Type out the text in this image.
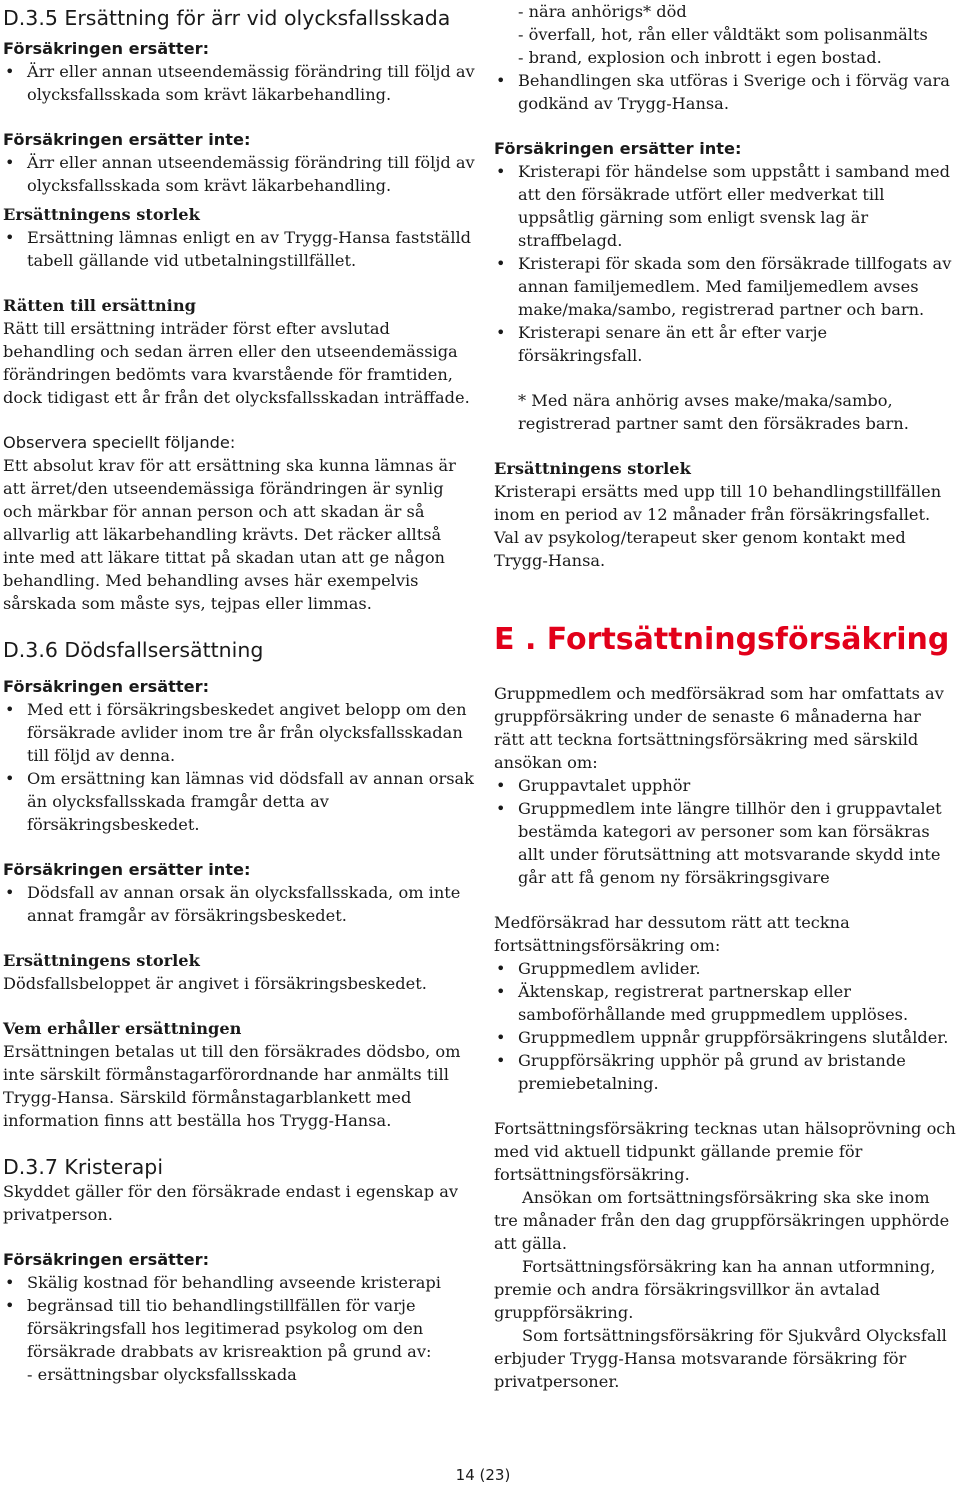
D.3.5 Ersättning för ärr vid olycksfallsskada

Försäkringen ersätter:

• Ärr eller annan utseendemässig förändring till följd av olycksfallsskada som krävt läkarbehandling.

Försäkringen ersätter inte:

• Ärr eller annan utseendemässig förändring till följd av olycksfallsskada som krävt läkarbehandling.

Ersättningens storlek

• Ersättning lämnas enligt en av Trygg-Hansa fastställd tabell gällande vid utbetalningstillfället.

Rätten till ersättning

Rätt till ersättning inträder först efter avslutad behandling och sedan ärren eller den utseendemässiga förändringen bedömts vara kvarstående för framtiden, dock tidigast ett år från det olycksfallsskadan inträffade.

Observera speciellt följande:

Ett absolut krav för att ersättning ska kunna lämnas är att ärret/den utseendemässiga förändringen är synlig och märkbar för annan person och att skadan är så allvarlig att läkarbehandling krävts. Det räcker alltså inte med att läkare tittat på skadan utan att ge någon behandling. Med behandling avses här exempelvis sårskada som måste sys, tejpas eller limmas.

D.3.6 Dödsfallsersättning

Försäkringen ersätter:

• Med ett i försäkringsbeskedet angivet belopp om den försäkrade avlider inom tre år från olycksfallsskadan till följd av denna.
• Om ersättning kan lämnas vid dödsfall av annan orsak än olycksfallsskada framgår detta av försäkringsbeskedet.

Försäkringen ersätter inte:

• Dödsfall av annan orsak än olycksfallsskada, om inte annat framgår av försäkringsbeskedet.

Ersättningens storlek

Dödsfallsbeloppet är angivet i försäkringsbeskedet.

Vem erhåller ersättningen

Ersättningen betalas ut till den försäkrades dödsbo, om inte särskilt förmånstagarförordnande har anmälts till Trygg-Hansa. Särskild förmånstagarblankett med information finns att beställa hos Trygg-Hansa.

D.3.7 Kristerapi

Skyddet gäller för den försäkrade endast i egenskap av privatperson.

Försäkringen ersätter:

• Skälig kostnad för behandling avseende kristerapi
• begränsad till tio behandlingstillfällen för varje försäkringsfall hos legitimerad psykolog om den försäkrade drabbats av krisreaktion på grund av:

- ersättningsbar olycksfallsskada

- nära anhörigs* död

- överfall, hot, rån eller våldtäkt som polisanmälts

- brand, explosion och inbrott i egen bostad.

• Behandlingen ska utföras i Sverige och i förväg vara godkänd av Trygg-Hansa.

Försäkringen ersätter inte:

• Kristerapi för händelse som uppstått i samband med att den försäkrade utfört eller medverkat till uppsåtlig gärning som enligt svensk lag är straffbelagd.
• Kristerapi för skada som den försäkrade tillfogats av annan familjemedlem. Med familjemedlem avses make/maka/sambo, registrerad partner och barn.
• Kristerapi senare än ett år efter varje försäkringsfall.

* Med nära anhörig avses make/maka/sambo, registrerad partner samt den försäkrades barn.

Ersättningens storlek

Kristerapi ersätts med upp till 10 behandlingstillfällen inom en period av 12 månader från försäkringsfallet. Val av psykolog/terapeut sker genom kontakt med Trygg-Hansa.

E . Fortsättningsförsäkring

Gruppmedlem och medförsäkrad som har omfattats av gruppförsäkring under de senaste 6 månaderna har rätt att teckna fortsättningsförsäkring med särskild ansökan om:

• Gruppavtalet upphör
• Gruppmedlem inte längre tillhör den i gruppavtalet bestämda kategori av personer som kan försäkras allt under förutsättning att motsvarande skydd inte går att få genom ny försäkringsgivare

Medförsäkrad har dessutom rätt att teckna fortsättningsförsäkring om:

• Gruppmedlem avlider.
• Äktenskap, registrerat partnerskap eller samboförhållande med gruppmedlem upplöses.
• Gruppmedlem uppnår gruppförsäkringens slutålder.
• Gruppförsäkring upphör på grund av bristande premiebetalning.

Fortsättningsförsäkring tecknas utan hälsoprövning och med vid aktuell tidpunkt gällande premie för fortsättningsförsäkring.

Ansökan om fortsättningsförsäkring ska ske inom tre månader från den dag gruppförsäkringen upphörde att gälla.

Fortsättningsförsäkring kan ha annan utformning, premie och andra försäkringsvillkor än avtalad gruppförsäkring.

Som fortsättningsförsäkring för Sjukvård Olycksfall erbjuder Trygg-Hansa motsvarande försäkring för privatpersoner.

14 (23)
